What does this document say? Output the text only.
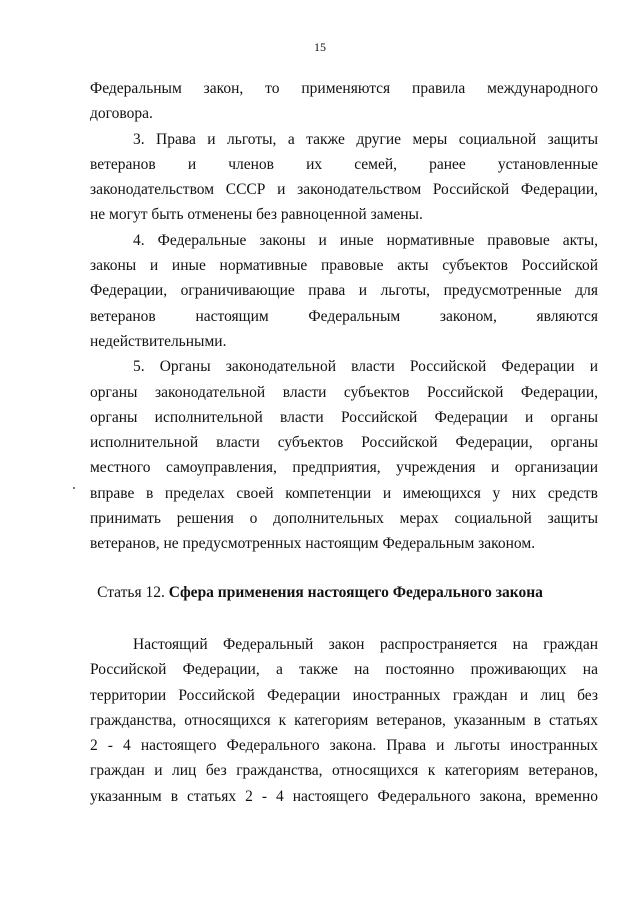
15
Федеральным закон, то применяются правила международного
договора.
3. Права и льготы, а также другие меры социальной защиты
ветеранов и членов их семей, ранее установленные
законодательством СССР и законодательством Российской Федерации,
не могут быть отменены без равноценной замены.
4. Федеральные законы и иные нормативные правовые акты,
законы и иные нормативные правовые акты субъектов Российской
Федерации, ограничивающие права и льготы, предусмотренные для
ветеранов настоящим Федеральным законом, являются
недействительными.
5. Органы законодательной власти Российской Федерации и
органы законодательной власти субъектов Российской Федерации,
органы исполнительной власти Российской Федерации и органы
исполнительной власти субъектов Российской Федерации, органы
местного самоуправления, предприятия, учреждения и организации
вправе в пределах своей компетенции и имеющихся у них средств
принимать решения о дополнительных мерах социальной защиты
ветеранов, не предусмотренных настоящим Федеральным законом.
Статья 12. Сфера применения настоящего Федерального закона
Настоящий Федеральный закон распространяется на граждан
Российской Федерации, а также на постоянно проживающих на
территории Российской Федерации иностранных граждан и лиц без
гражданства, относящихся к категориям ветеранов, указанным в статьях
2 - 4 настоящего Федерального закона. Права и льготы иностранных
граждан и лиц без гражданства, относящихся к категориям ветеранов,
указанным в статьях 2 - 4 настоящего Федерального закона, временно
